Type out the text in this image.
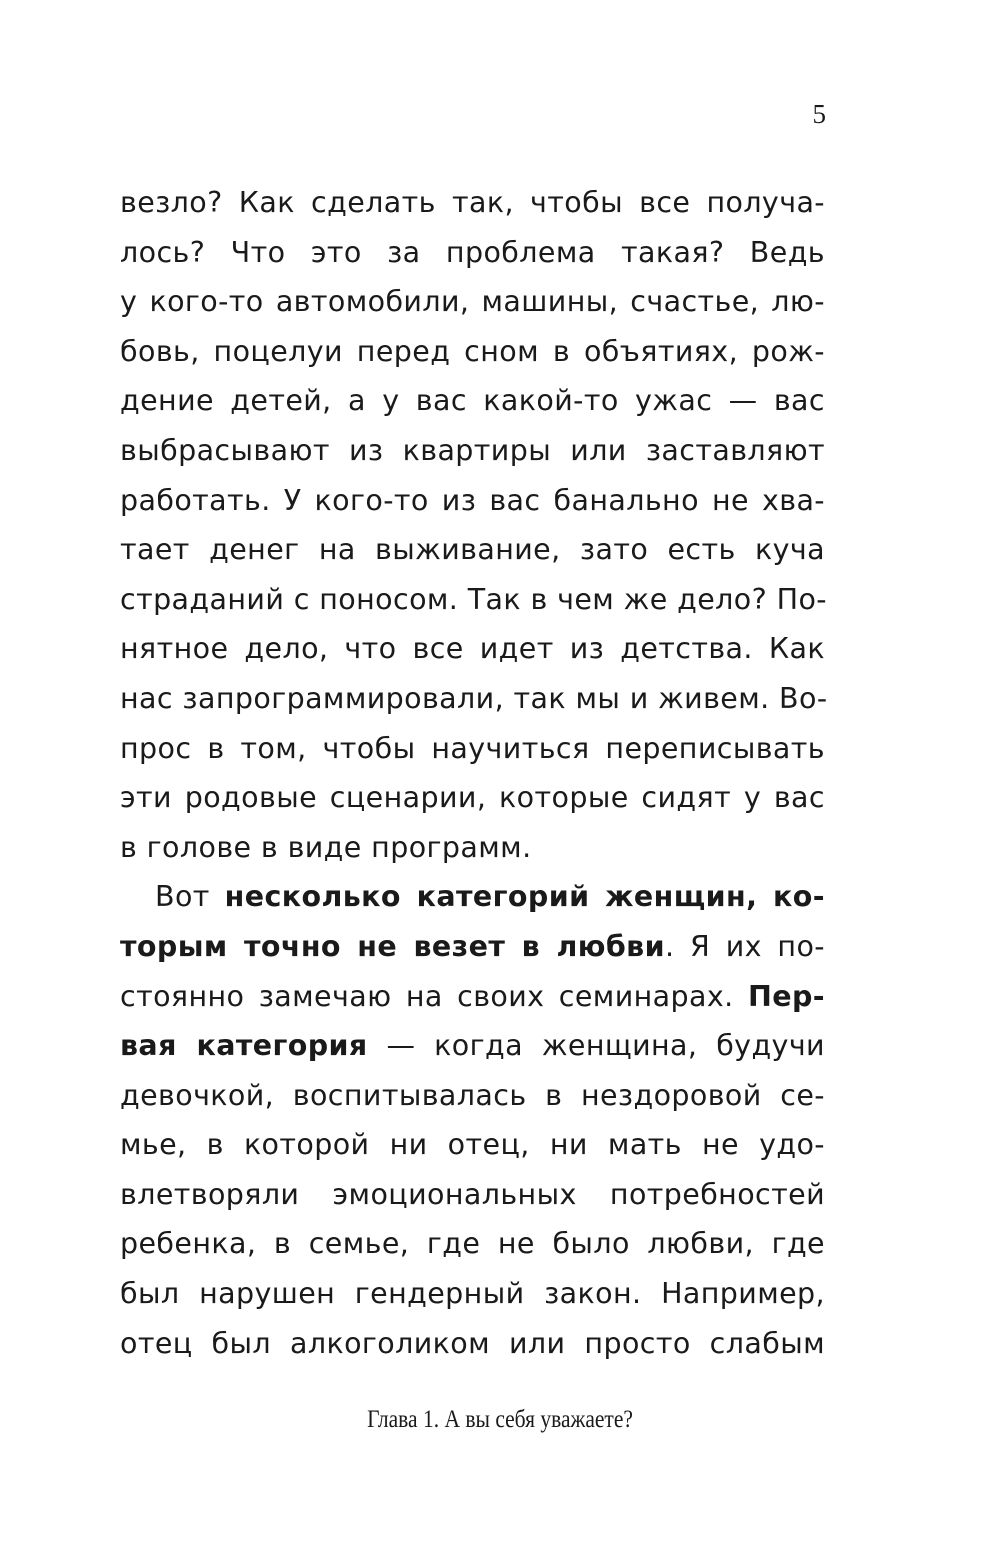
5
везло? Как сделать так, чтобы все получа-
лось? Что это за проблема такая? Ведь
у кого-то автомобили, машины, счастье, лю-
бовь, поцелуи перед сном в объятиях, рож-
дение детей, а у вас какой-то ужас — вас
выбрасывают из квартиры или заставляют
работать. У кого-то из вас банально не хва-
тает денег на выживание, зато есть куча
страданий с поносом. Так в чем же дело? По-
нятное дело, что все идет из детства. Как
нас запрограммировали, так мы и живем. Во-
прос в том, чтобы научиться переписывать
эти родовые сценарии, которые сидят у вас
в голове в виде программ.
Вот несколько категорий женщин, ко-
торым точно не везет в любви. Я их по-
стоянно замечаю на своих семинарах. Пер-
вая категория — когда женщина, будучи
девочкой, воспитывалась в нездоровой се-
мье, в которой ни отец, ни мать не удо-
влетворяли эмоциональных потребностей
ребенка, в семье, где не было любви, где
был нарушен гендерный закон. Например,
отец был алкоголиком или просто слабым
Глава 1. А вы себя уважаете?
